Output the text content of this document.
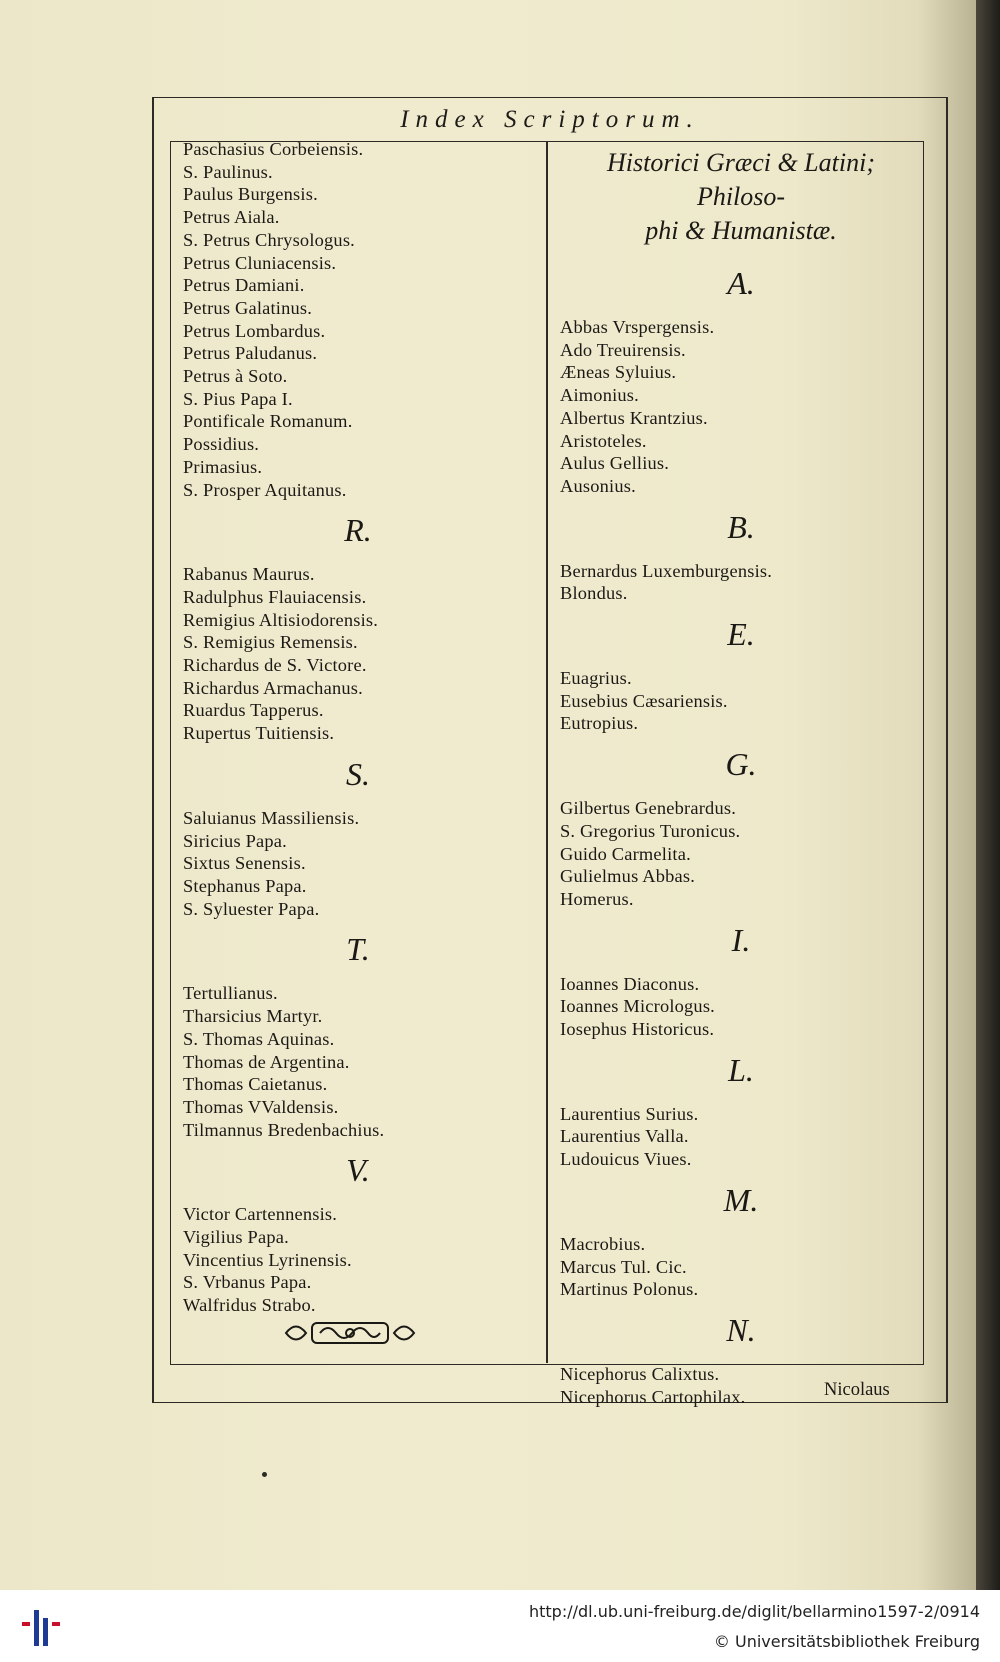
Index Scriptorum.
Paschasius Corbeiensis.
S. Paulinus.
Paulus Burgensis.
Petrus Aiala.
S. Petrus Chrysologus.
Petrus Cluniacensis.
Petrus Damiani.
Petrus Galatinus.
Petrus Lombardus.
Petrus Paludanus.
Petrus à Soto.
S. Pius Papa I.
Pontificale Romanum.
Possidius.
Primasius.
S. Prosper Aquitanus.
R.
Rabanus Maurus.
Radulphus Flauiacensis.
Remigius Altisiodorensis.
S. Remigius Remensis.
Richardus de S. Victore.
Richardus Armachanus.
Ruardus Tapperus.
Rupertus Tuitiensis.
S.
Saluianus Massiliensis.
Siricius Papa.
Sixtus Senensis.
Stephanus Papa.
S. Syluester Papa.
T.
Tertullianus.
Tharsicius Martyr.
S. Thomas Aquinas.
Thomas de Argentina.
Thomas Caietanus.
Thomas VValdensis.
Tilmannus Bredenbachius.
V.
Victor Cartennensis.
Vigilius Papa.
Vincentius Lyrinensis.
S. Vrbanus Papa.
Walfridus Strabo.
Historici Græci & Latini; Philoso-
phi & Humanistæ.
A.
Abbas Vrspergensis.
Ado Treuirensis.
Æneas Syluius.
Aimonius.
Albertus Krantzius.
Aristoteles.
Aulus Gellius.
Ausonius.
B.
Bernardus Luxemburgensis.
Blondus.
E.
Euagrius.
Eusebius Cæsariensis.
Eutropius.
G.
Gilbertus Genebrardus.
S. Gregorius Turonicus.
Guido Carmelita.
Gulielmus Abbas.
Homerus.
I.
Ioannes Diaconus.
Ioannes Micrologus.
Iosephus Historicus.
L.
Laurentius Surius.
Laurentius Valla.
Ludouicus Viues.
M.
Macrobius.
Marcus Tul. Cic.
Martinus Polonus.
N.
Nicephorus Calixtus.
Nicephorus Cartophilax.	Nicolaus
http://dl.ub.uni-freiburg.de/diglit/bellarmino1597-2/0914
© Universitätsbibliothek Freiburg
